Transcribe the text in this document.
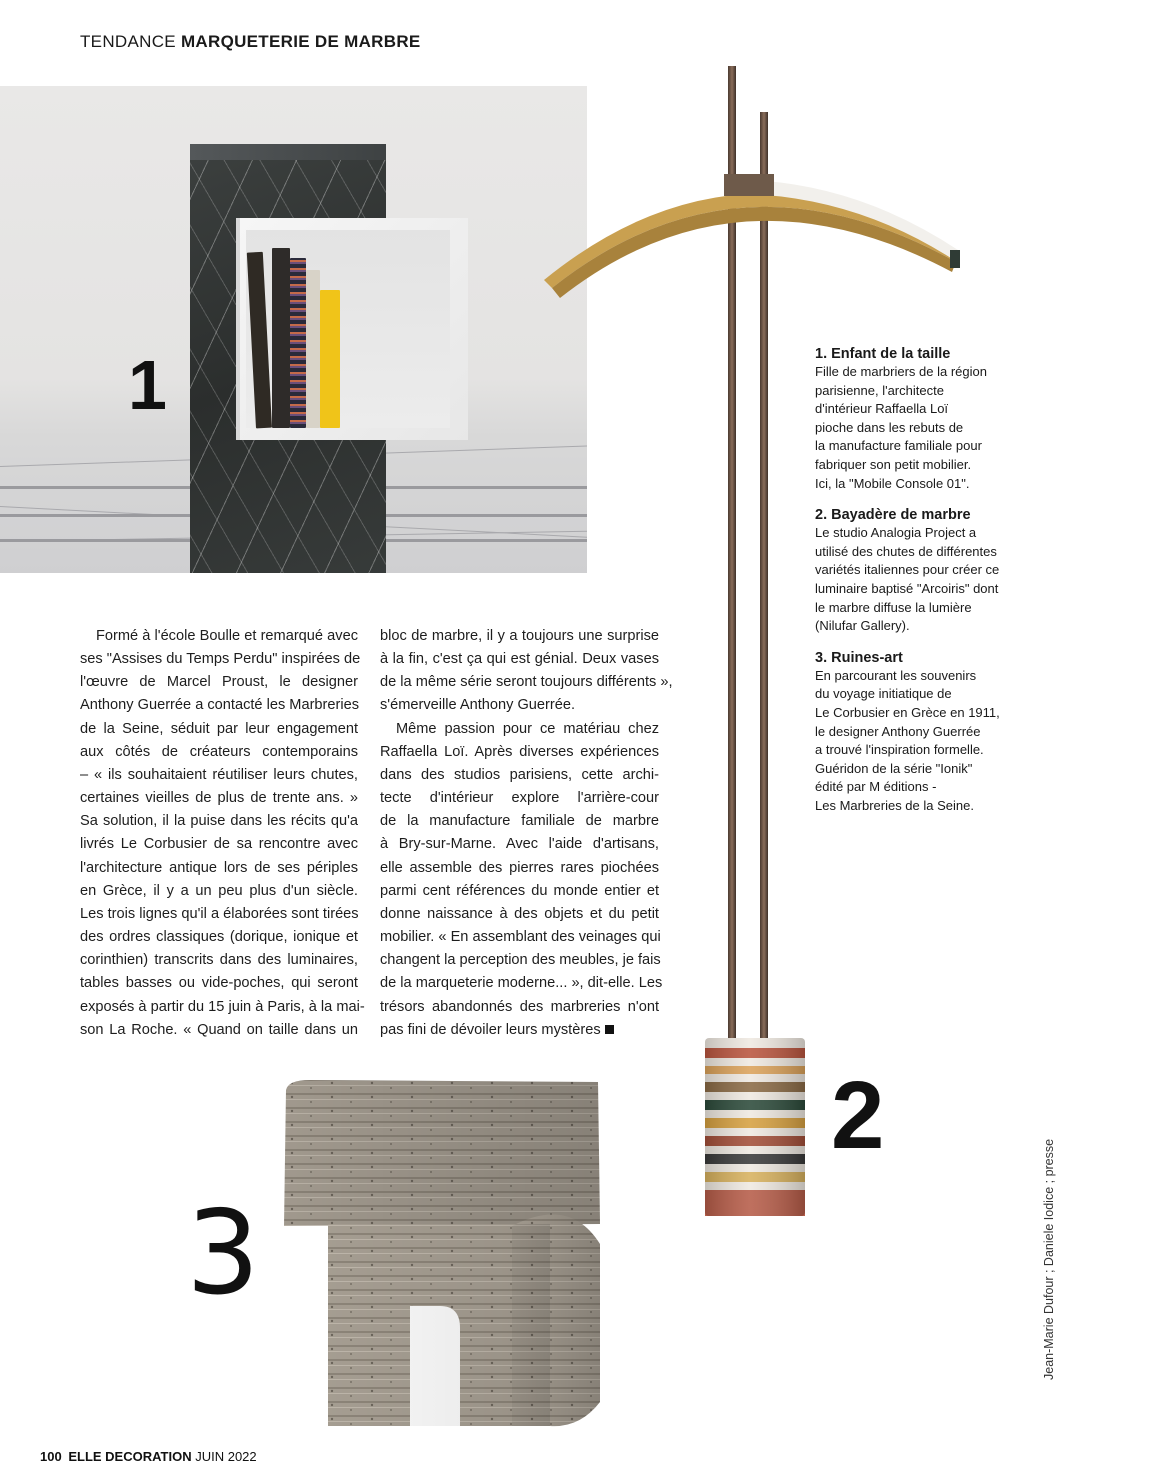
TENDANCE MARQUETERIE DE MARBRE
1	1. Enfant de la taille
Fille de marbriers de la région
parisienne, l'architecte
d'intérieur Raffaella Loï
pioche dans les rebuts de
la manufacture familiale pour
fabriquer son petit mobilier.
Ici, la "Mobile Console 01".
2. Bayadère de marbre
Le studio Analogia Project a
utilisé des chutes de différentes
variétés italiennes pour créer ce
luminaire baptisé "Arcoiris" dont
le marbre diffuse la lumière
(Nilufar Gallery).
3. Ruines-art
En parcourant les souvenirs
du voyage initiatique de
Le Corbusier en Grèce en 1911,
le designer Anthony Guerrée
a trouvé l'inspiration formelle.
Guéridon de la série "Ionik"
édité par M éditions -
Les Marbreries de la Seine.
Formé à l'école Boulle et remarqué avec
ses "Assises du Temps Perdu" inspirées de
l'œuvre de Marcel Proust, le designer
Anthony Guerrée a contacté les Marbreries
de la Seine, séduit par leur engagement
aux côtés de créateurs contemporains
– « ils souhaitaient réutiliser leurs chutes,
certaines vieilles de plus de trente ans. »
Sa solution, il la puise dans les récits qu'a
livrés Le Corbusier de sa rencontre avec
l'architecture antique lors de ses périples
en Grèce, il y a un peu plus d'un siècle.
Les trois lignes qu'il a élaborées sont tirées
des ordres classiques (dorique, ionique et
corinthien) transcrits dans des luminaires,
tables basses ou vide-poches, qui seront
exposés à partir du 15 juin à Paris, à la mai-
son La Roche. « Quand on taille dans un
bloc de marbre, il y a toujours une surprise
à la fin, c'est ça qui est génial. Deux vases
de la même série seront toujours différents »,
s'émerveille Anthony Guerrée.
Même passion pour ce matériau chez
Raffaella Loï. Après diverses expériences
dans des studios parisiens, cette archi-
tecte d'intérieur explore l'arrière-cour
de la manufacture familiale de marbre
à Bry-sur-Marne. Avec l'aide d'artisans,
elle assemble des pierres rares piochées
parmi cent références du monde entier et
donne naissance à des objets et du petit
mobilier. « En assemblant des veinages qui
changent la perception des meubles, je fais
de la marqueterie moderne... », dit-elle. Les
trésors abandonnés des marbreries n'ont
pas fini de dévoiler leurs mystères
2
3	Jean-Marie Dufour ; Daniele Iodice ; presse
100 ELLE DECORATION JUIN 2022
